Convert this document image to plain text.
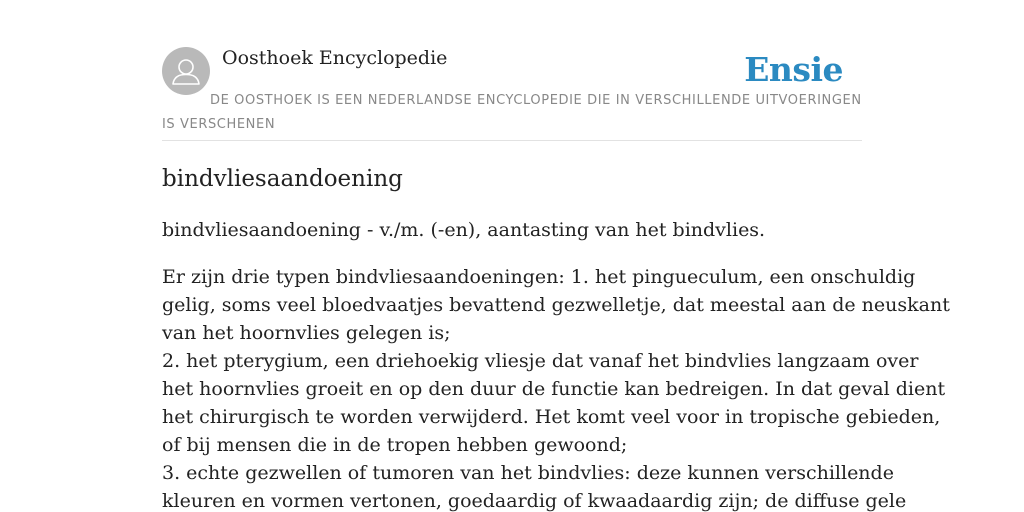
Oosthoek Encyclopedie	Ensie
DE OOSTHOEK IS EEN NEDERLANDSE ENCYCLOPEDIE DIE IN VERSCHILLENDE UITVOERINGEN IS VERSCHENEN
bindvliesaandoening

bindvliesaandoening - v./m. (-en), aantasting van het bindvlies.

Er zijn drie typen bindvliesaandoeningen: 1. het pingueculum, een onschuldig
gelig, soms veel bloedvaatjes bevattend gezwelletje, dat meestal aan de neuskant
van het hoornvlies gelegen is;
2. het pterygium, een driehoekig vliesje dat vanaf het bindvlies langzaam over
het hoornvlies groeit en op den duur de functie kan bedreigen. In dat geval dient
het chirurgisch te worden verwijderd. Het komt veel voor in tropische gebieden,
of bij mensen die in de tropen hebben gewoond;
3. echte gezwellen of tumoren van het bindvlies: deze kunnen verschillende
kleuren en vormen vertonen, goedaardig of kwaadaardig zijn; de diffuse gele
